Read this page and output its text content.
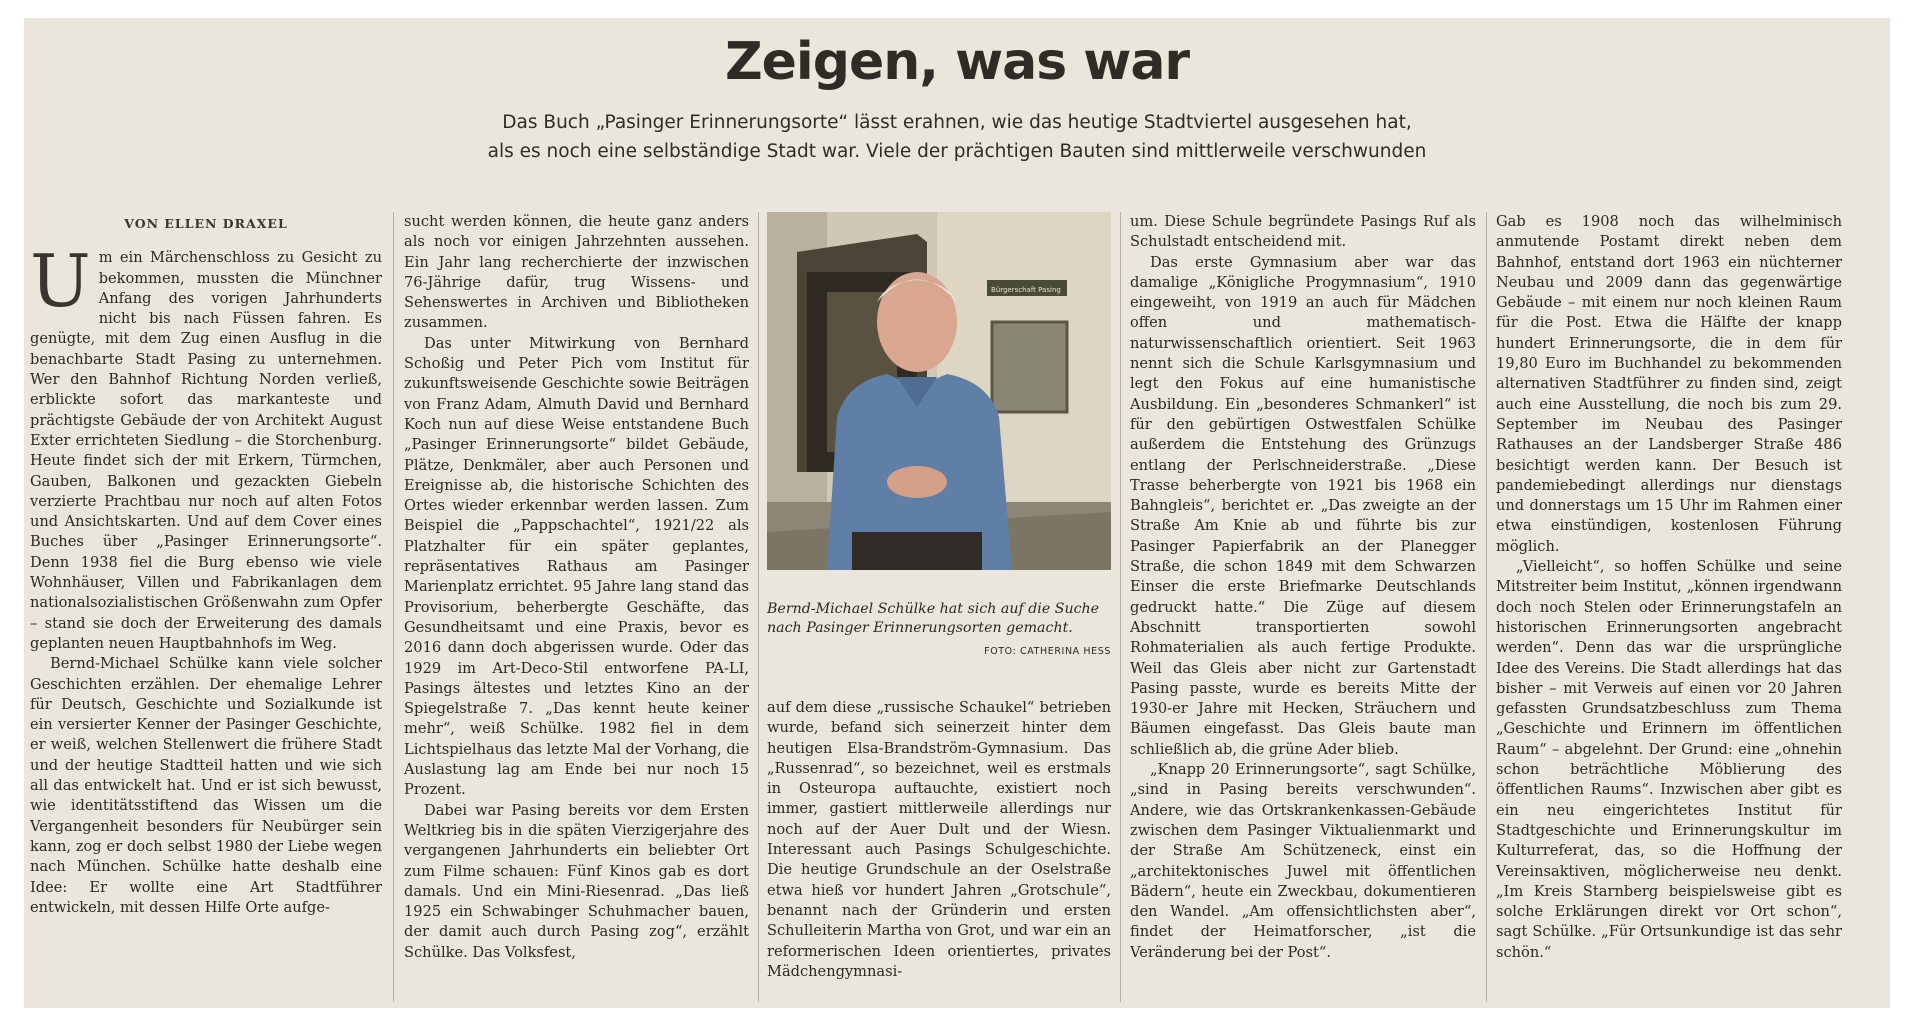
Zeigen, was war
Das Buch „Pasinger Erinnerungsorte“ lässt erahnen, wie das heutige Stadtviertel ausgesehen hat,
als es noch eine selbständige Stadt war. Viele der prächtigen Bauten sind mittlerweile verschwunden
VON ELLEN DRAXEL

Um ein Märchenschloss zu Gesicht zu bekommen, mussten die Münchner Anfang des vorigen Jahrhunderts nicht bis nach Füssen fahren. Es genügte, mit dem Zug einen Ausflug in die benachbarte Stadt Pasing zu unternehmen. Wer den Bahnhof Richtung Norden verließ, erblickte sofort das markanteste und prächtigste Gebäude der von Architekt August Exter errichteten Siedlung – die Storchenburg. Heute findet sich der mit Erkern, Türmchen, Gauben, Balkonen und gezackten Giebeln verzierte Prachtbau nur noch auf alten Fotos und Ansichtskarten. Und auf dem Cover eines Buches über „Pasinger Erinnerungsorte“. Denn 1938 fiel die Burg ebenso wie viele Wohnhäuser, Villen und Fabrikanlagen dem nationalsozialistischen Größenwahn zum Opfer – stand sie doch der Erweiterung des damals geplanten neuen Hauptbahnhofs im Weg.

Bernd-Michael Schülke kann viele solcher Geschichten erzählen. Der ehemalige Lehrer für Deutsch, Geschichte und Sozialkunde ist ein versierter Kenner der Pasinger Geschichte, er weiß, welchen Stellenwert die frühere Stadt und der heutige Stadtteil hatten und wie sich all das entwickelt hat. Und er ist sich bewusst, wie identitätsstiftend das Wissen um die Vergangenheit besonders für Neubürger sein kann, zog er doch selbst 1980 der Liebe wegen nach München. Schülke hatte deshalb eine Idee: Er wollte eine Art Stadtführer entwickeln, mit dessen Hilfe Orte aufge-

sucht werden können, die heute ganz anders als noch vor einigen Jahrzehnten aussehen. Ein Jahr lang recherchierte der inzwischen 76-Jährige dafür, trug Wissens- und Sehenswertes in Archiven und Bibliotheken zusammen.

Das unter Mitwirkung von Bernhard Schoßig und Peter Pich vom Institut für zukunftsweisende Geschichte sowie Beiträgen von Franz Adam, Almuth David und Bernhard Koch nun auf diese Weise entstandene Buch „Pasinger Erinnerungsorte“ bildet Gebäude, Plätze, Denkmäler, aber auch Personen und Ereignisse ab, die historische Schichten des Ortes wieder erkennbar werden lassen. Zum Beispiel die „Pappschachtel“, 1921/22 als Platzhalter für ein später geplantes, repräsentatives Rathaus am Pasinger Marienplatz errichtet. 95 Jahre lang stand das Provisorium, beherbergte Geschäfte, das Gesundheitsamt und eine Praxis, bevor es 2016 dann doch abgerissen wurde. Oder das 1929 im Art-Deco-Stil entworfene PA-LI, Pasings ältestes und letztes Kino an der Spiegelstraße 7. „Das kennt heute keiner mehr“, weiß Schülke. 1982 fiel in dem Lichtspielhaus das letzte Mal der Vorhang, die Auslastung lag am Ende bei nur noch 15 Prozent.

Dabei war Pasing bereits vor dem Ersten Weltkrieg bis in die späten Vierzigerjahre des vergangenen Jahrhunderts ein beliebter Ort zum Filme schauen: Fünf Kinos gab es dort damals. Und ein Mini-Riesenrad. „Das ließ 1925 ein Schwabinger Schuhmacher bauen, der damit auch durch Pasing zog“, erzählt Schülke. Das Volksfest,

Bürgerschaft Pasing
Bernd-Michael Schülke hat sich auf die Suche nach Pasinger Erinnerungsorten gemacht.
FOTO: CATHERINA HESS

auf dem diese „russische Schaukel“ betrieben wurde, befand sich seinerzeit hinter dem heutigen Elsa-Brandström-Gymnasium. Das „Russenrad“, so bezeichnet, weil es erstmals in Osteuropa auftauchte, existiert noch immer, gastiert mittlerweile allerdings nur noch auf der Auer Dult und der Wiesn. Interessant auch Pasings Schulgeschichte. Die heutige Grundschule an der Oselstraße etwa hieß vor hundert Jahren „Grotschule“, benannt nach der Gründerin und ersten Schulleiterin Martha von Grot, und war ein an reformerischen Ideen orientiertes, privates Mädchengymnasi-

um. Diese Schule begründete Pasings Ruf als Schulstadt entscheidend mit.

Das erste Gymnasium aber war das damalige „Königliche Progymnasium“, 1910 eingeweiht, von 1919 an auch für Mädchen offen und mathematisch-naturwissenschaftlich orientiert. Seit 1963 nennt sich die Schule Karlsgymnasium und legt den Fokus auf eine humanistische Ausbildung. Ein „besonderes Schmankerl“ ist für den gebürtigen Ostwestfalen Schülke außerdem die Entstehung des Grünzugs entlang der Perlschneiderstraße. „Diese Trasse beherbergte von 1921 bis 1968 ein Bahngleis“, berichtet er. „Das zweigte an der Straße Am Knie ab und führte bis zur Pasinger Papierfabrik an der Planegger Straße, die schon 1849 mit dem Schwarzen Einser die erste Briefmarke Deutschlands gedruckt hatte.“ Die Züge auf diesem Abschnitt transportierten sowohl Rohmaterialien als auch fertige Produkte. Weil das Gleis aber nicht zur Gartenstadt Pasing passte, wurde es bereits Mitte der 1930-er Jahre mit Hecken, Sträuchern und Bäumen eingefasst. Das Gleis baute man schließlich ab, die grüne Ader blieb.

„Knapp 20 Erinnerungsorte“, sagt Schülke, „sind in Pasing bereits verschwunden“. Andere, wie das Ortskrankenkassen-Gebäude zwischen dem Pasinger Viktualienmarkt und der Straße Am Schützeneck, einst ein „architektonisches Juwel mit öffentlichen Bädern“, heute ein Zweckbau, dokumentieren den Wandel. „Am offensichtlichsten aber“, findet der Heimatforscher, „ist die Veränderung bei der Post“.

Gab es 1908 noch das wilhelminisch anmutende Postamt direkt neben dem Bahnhof, entstand dort 1963 ein nüchterner Neubau und 2009 dann das gegenwärtige Gebäude – mit einem nur noch kleinen Raum für die Post. Etwa die Hälfte der knapp hundert Erinnerungsorte, die in dem für 19,80 Euro im Buchhandel zu bekommenden alternativen Stadtführer zu finden sind, zeigt auch eine Ausstellung, die noch bis zum 29. September im Neubau des Pasinger Rathauses an der Landsberger Straße 486 besichtigt werden kann. Der Besuch ist pandemiebedingt allerdings nur dienstags und donnerstags um 15 Uhr im Rahmen einer etwa einstündigen, kostenlosen Führung möglich.

„Vielleicht“, so hoffen Schülke und seine Mitstreiter beim Institut, „können irgendwann doch noch Stelen oder Erinnerungstafeln an historischen Erinnerungsorten angebracht werden“. Denn das war die ursprüngliche Idee des Vereins. Die Stadt allerdings hat das bisher – mit Verweis auf einen vor 20 Jahren gefassten Grundsatzbeschluss zum Thema „Geschichte und Erinnern im öffentlichen Raum“ – abgelehnt. Der Grund: eine „ohnehin schon beträchtliche Möblierung des öffentlichen Raums“. Inzwischen aber gibt es ein neu eingerichtetes Institut für Stadtgeschichte und Erinnerungskultur im Kulturreferat, das, so die Hoffnung der Vereinsaktiven, möglicherweise neu denkt. „Im Kreis Starnberg beispielsweise gibt es solche Erklärungen direkt vor Ort schon“, sagt Schülke. „Für Ortsunkundige ist das sehr schön.“
